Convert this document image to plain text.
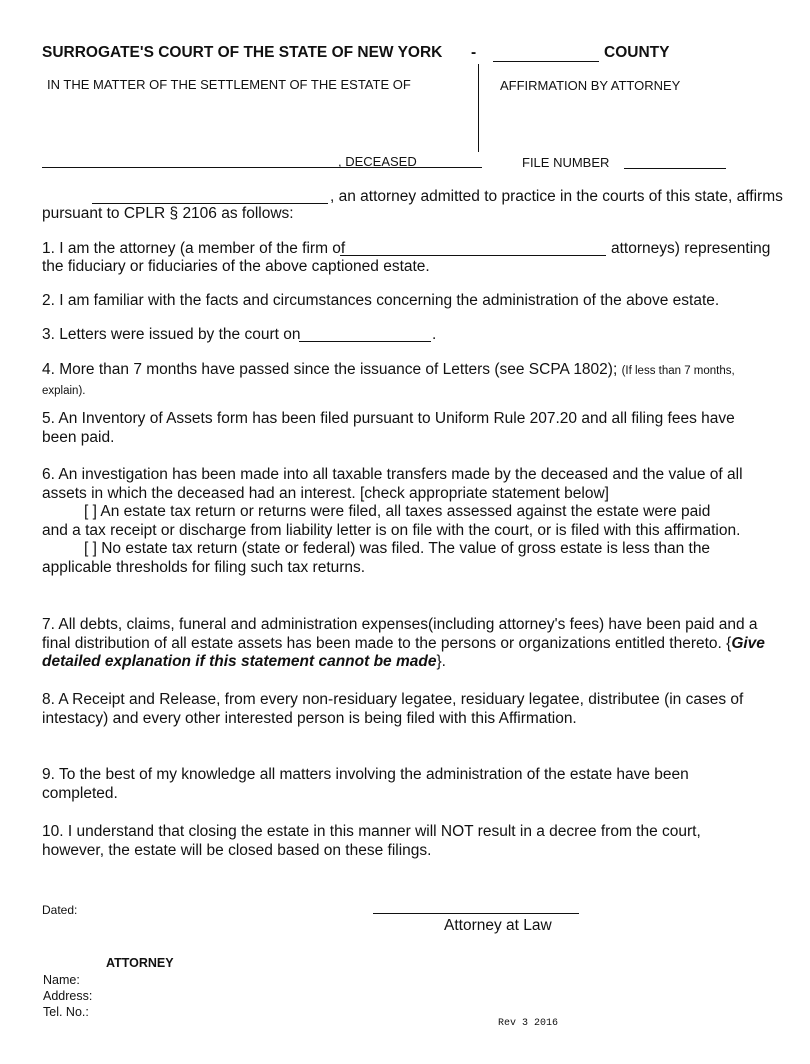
SURROGATE'S COURT OF THE STATE OF NEW YORK -	COUNTY
IN THE MATTER OF THE SETTLEMENT OF THE ESTATE OF	AFFIRMATION BY ATTORNEY
, DECEASED	FILE NUMBER
, an attorney admitted to practice in the courts of this state, affirms
pursuant to CPLR § 2106 as follows:
1. I am the attorney (a member of the firm of	attorneys) representing
the fiduciary or fiduciaries of the above captioned estate.
2. I am familiar with the facts and circumstances concerning the administration of the above estate.
3. Letters were issued by the court on	.
4. More than 7 months have passed since the issuance of Letters (see SCPA 1802); (If less than 7 months, explain).
5. An Inventory of Assets form has been filed pursuant to Uniform Rule 207.20 and all filing fees have been paid.
6. An investigation has been made into all taxable transfers made by the deceased and the value of all assets in which the deceased had an interest. [check appropriate statement below]
[ ] An estate tax return or returns were filed, all taxes assessed against the estate were paid
and a tax receipt or discharge from liability letter is on file with the court, or is filed with this affirmation.
[ ] No estate tax return (state or federal) was filed. The value of gross estate is less than the
applicable thresholds for filing such tax returns.
7. All debts, claims, funeral and administration expenses(including attorney's fees) have been paid and a final distribution of all estate assets has been made to the persons or organizations entitled thereto. {Give detailed explanation if this statement cannot be made}.
8. A Receipt and Release, from every non-residuary legatee, residuary legatee, distributee (in cases of intestacy) and every other interested person is being filed with this Affirmation.
9. To the best of my knowledge all matters involving the administration of the estate have been completed.
10. I understand that closing the estate in this manner will NOT result in a decree from the court, however, the estate will be closed based on these filings.
Dated:
Attorney at Law
ATTORNEY
Name:
Address:
Tel. No.:
Rev 3 2016
